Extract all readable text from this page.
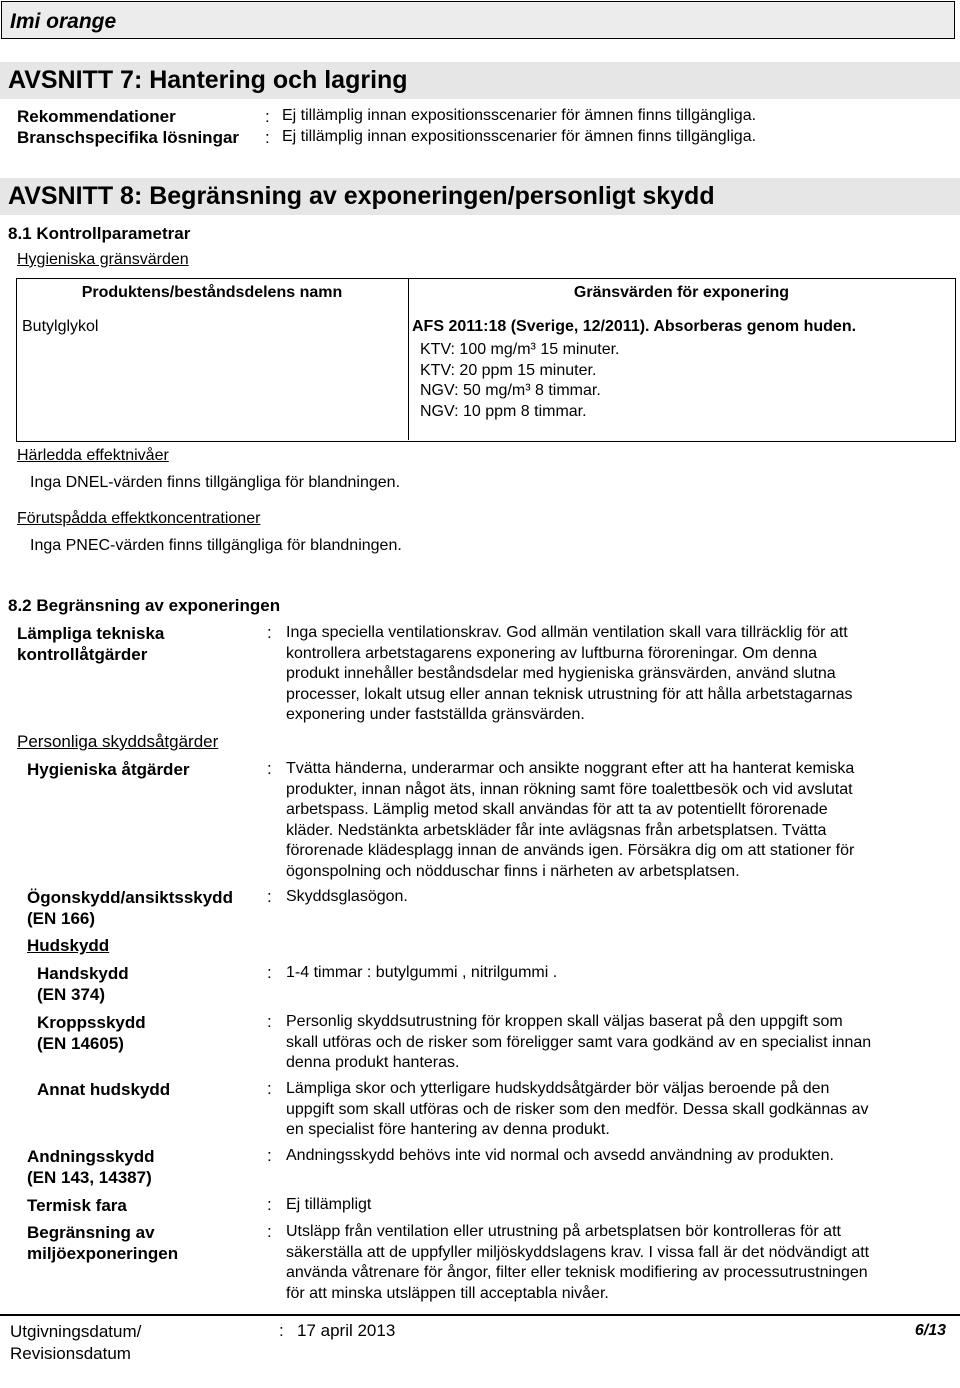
Imi orange
AVSNITT 7: Hantering och lagring
Rekommendationer	: Ej tillämplig innan expositionsscenarier för ämnen finns tillgängliga.
Branschspecifika lösningar : Ej tillämplig innan expositionsscenarier för ämnen finns tillgängliga.
AVSNITT 8: Begränsning av exponeringen/personligt skydd
8.1 Kontrollparametrar
Hygieniska gränsvärden
Produktens/beståndsdelens namn	Gränsvärden för exponering
Butylglykol	AFS 2011:18 (Sverige, 12/2011). Absorberas genom huden.
KTV: 100 mg/m³ 15 minuter.
KTV: 20 ppm 15 minuter.
NGV: 50 mg/m³ 8 timmar.
NGV: 10 ppm 8 timmar.
Härledda effektnivåer
Inga DNEL-värden finns tillgängliga för blandningen.
Förutspådda effektkoncentrationer
Inga PNEC-värden finns tillgängliga för blandningen.
8.2 Begränsning av exponeringen
Lämpliga tekniska
kontrollåtgärder
: Inga speciella ventilationskrav. God allmän ventilation skall vara tillräcklig för att
kontrollera arbetstagarens exponering av luftburna föroreningar. Om denna
produkt innehåller beståndsdelar med hygieniska gränsvärden, använd slutna
processer, lokalt utsug eller annan teknisk utrustning för att hålla arbetstagarnas
exponering under fastställda gränsvärden.
Personliga skyddsåtgärder
Hygieniska åtgärder	: Tvätta händerna, underarmar och ansikte noggrant efter att ha hanterat kemiska
produkter, innan något äts, innan rökning samt före toalettbesök och vid avslutat
arbetspass. Lämplig metod skall användas för att ta av potentiellt förorenade
kläder. Nedstänkta arbetskläder får inte avlägsnas från arbetsplatsen. Tvätta
förorenade klädesplagg innan de används igen. Försäkra dig om att stationer för
ögonspolning och nödduschar finns i närheten av arbetsplatsen.
Ögonskydd/ansiktsskydd
(EN 166)
: Skyddsglasögon.
Hudskydd
Handskydd
(EN 374)
: 1-4 timmar : butylgummi , nitrilgummi .
Kroppsskydd
(EN 14605)
: Personlig skyddsutrustning för kroppen skall väljas baserat på den uppgift som
skall utföras och de risker som föreligger samt vara godkänd av en specialist innan
denna produkt hanteras.
Annat hudskydd	: Lämpliga skor och ytterligare hudskyddsåtgärder bör väljas beroende på den
uppgift som skall utföras och de risker som den medför. Dessa skall godkännas av
en specialist före hantering av denna produkt.
Andningsskydd
(EN 143, 14387)
: Andningsskydd behövs inte vid normal och avsedd användning av produkten.
Termisk fara	: Ej tillämpligt
Begränsning av
miljöexponeringen
: Utsläpp från ventilation eller utrustning på arbetsplatsen bör kontrolleras för att
säkerställa att de uppfyller miljöskyddslagens krav. I vissa fall är det nödvändigt att
använda våtrenare för ångor, filter eller teknisk modifiering av processutrustningen
för att minska utsläppen till acceptabla nivåer.
Utgivningsdatum/
Revisionsdatum
: 17 april 2013	6/13
